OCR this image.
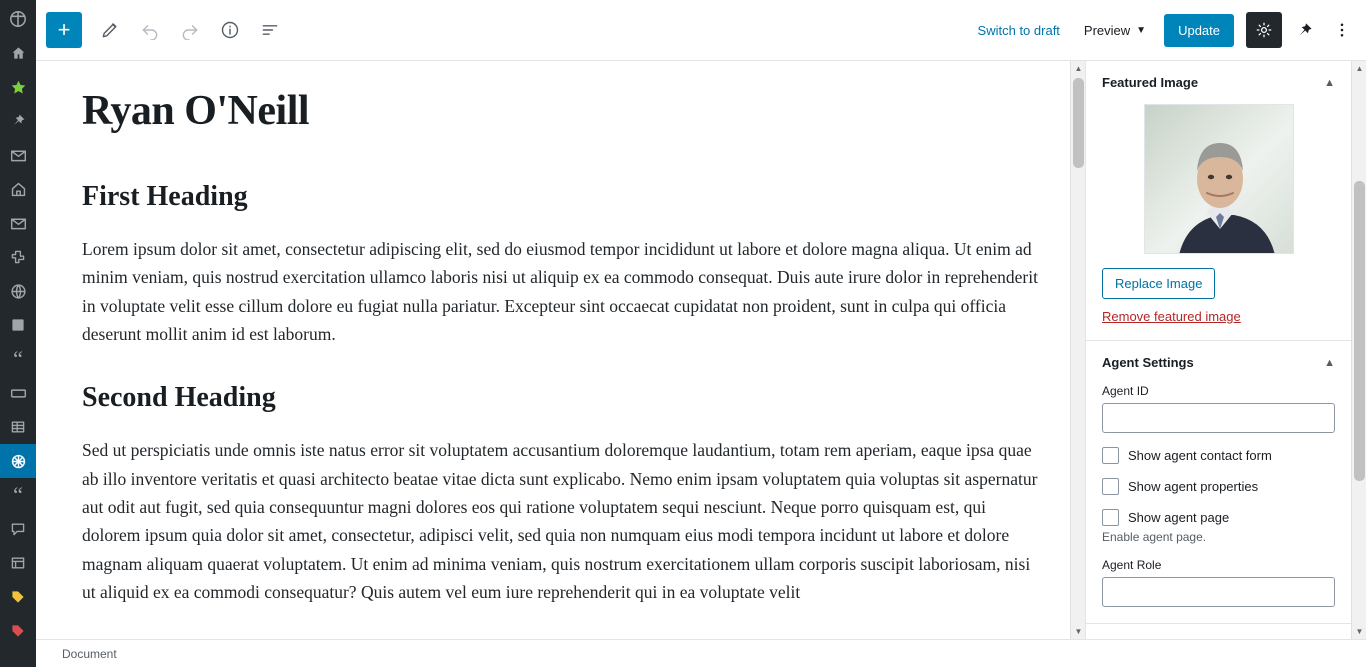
“
“
+	Switch to draft	Preview ▼	Update
Ryan O'Neill
First Heading

Lorem ipsum dolor sit amet, consectetur adipiscing elit, sed do eiusmod tempor incididunt ut labore et dolore magna aliqua. Ut enim ad minim veniam, quis nostrud exercitation ullamco laboris nisi ut aliquip ex ea commodo consequat. Duis aute irure dolor in reprehenderit in voluptate velit esse cillum dolore eu fugiat nulla pariatur. Excepteur sint occaecat cupidatat non proident, sunt in culpa qui officia deserunt mollit anim id est laborum.

Second Heading

Sed ut perspiciatis unde omnis iste natus error sit voluptatem accusantium doloremque laudantium, totam rem aperiam, eaque ipsa quae ab illo inventore veritatis et quasi architecto beatae vitae dicta sunt explicabo. Nemo enim ipsam voluptatem quia voluptas sit aspernatur aut odit aut fugit, sed quia consequuntur magni dolores eos qui ratione voluptatem sequi nesciunt. Neque porro quisquam est, qui dolorem ipsum quia dolor sit amet, consectetur, adipisci velit, sed quia non numquam eius modi tempora incidunt ut labore et dolore magnam aliquam quaerat voluptatem. Ut enim ad minima veniam, quis nostrum exercitationem ullam corporis suscipit laboriosam, nisi ut aliquid ex ea commodi consequatur? Quis autem vel eum iure reprehenderit qui in ea voluptate velit

▲
▼
Featured Image	▲
Replace Image
Remove featured image
Agent Settings	▲
Agent ID
Show agent contact form
Show agent properties
Show agent page

Enable agent page.

Agent Role
▲
▼
Document
